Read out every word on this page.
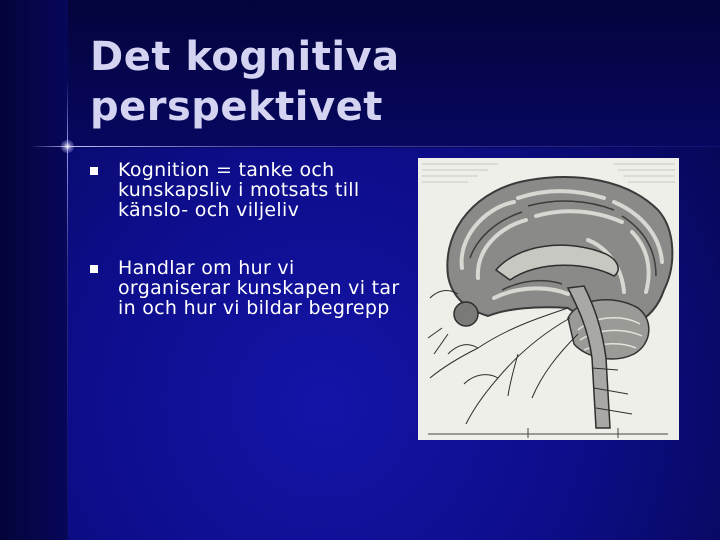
Det kognitiva perspektivet
Kognition = tanke och kunskapsliv i motsats till känslo- och viljeliv
Handlar om hur vi organiserar kunskapen vi tar in och hur vi bildar begrepp
